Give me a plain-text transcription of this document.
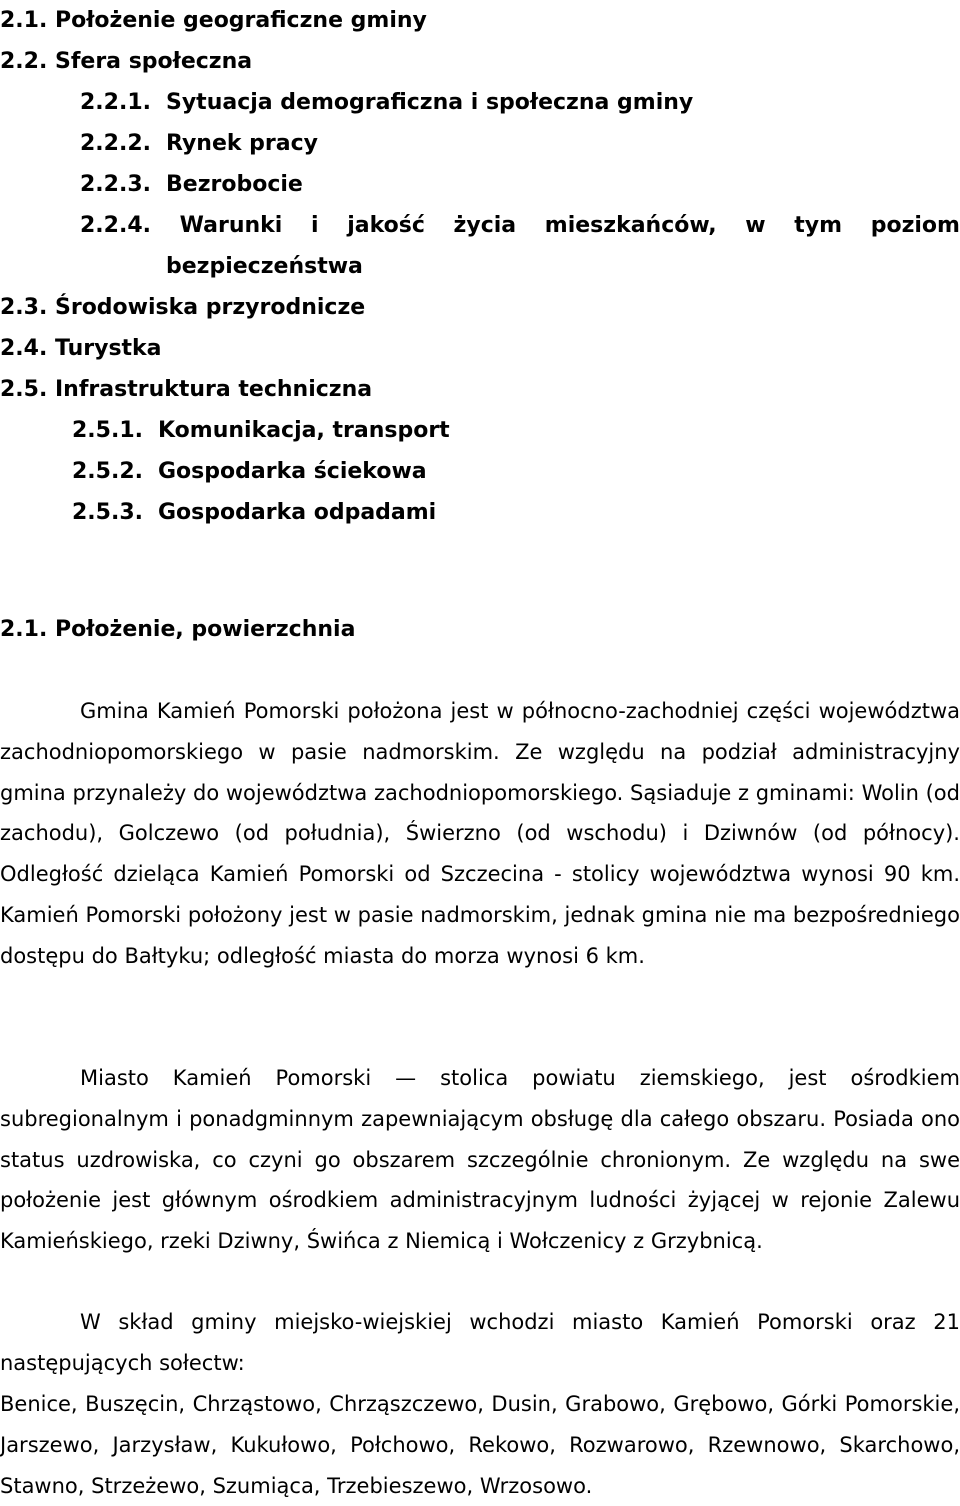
2.1. Położenie geograficzne gminy
2.2. Sfera społeczna
2.2.1. Sytuacja demograficzna i społeczna gminy
2.2.2. Rynek pracy
2.2.3. Bezrobocie
2.2.4. Warunki i jakość życia mieszkańców, w tym poziom
bezpieczeństwa
2.3. Środowiska przyrodnicze
2.4. Turystka
2.5. Infrastruktura techniczna
2.5.1. Komunikacja, transport
2.5.2. Gospodarka ściekowa
2.5.3. Gospodarka odpadami
2.1. Położenie, powierzchnia

Gmina Kamień Pomorski położona jest w północno-zachodniej części województwa zachodniopomorskiego w pasie nadmorskim. Ze względu na podział administracyjny gmina przynależy do województwa zachodniopomorskiego. Sąsiaduje z gminami: Wolin (od zachodu), Golczewo (od południa), Świerzno (od wschodu) i Dziwnów (od północy). Odległość dzieląca Kamień Pomorski od Szczecina - stolicy województwa wynosi 90 km. Kamień Pomorski położony jest w pasie nadmorskim, jednak gmina nie ma bezpośredniego dostępu do Bałtyku; odległość miasta do morza wynosi 6 km.

Miasto Kamień Pomorski — stolica powiatu ziemskiego, jest ośrodkiem subregionalnym i ponadgminnym zapewniającym obsługę dla całego obszaru. Posiada ono status uzdrowiska, co czyni go obszarem szczególnie chronionym. Ze względu na swe położenie jest głównym ośrodkiem administracyjnym ludności żyjącej w rejonie Zalewu Kamieńskiego, rzeki Dziwny, Świńca z Niemicą i Wołczenicy z Grzybnicą.

W skład gminy miejsko-wiejskiej wchodzi miasto Kamień Pomorski oraz 21 następujących sołectw:

Benice, Buszęcin, Chrząstowo, Chrząszczewo, Dusin, Grabowo, Grębowo, Górki Pomorskie, Jarszewo, Jarzysław, Kukułowo, Połchowo, Rekowo, Rozwarowo, Rzewnowo, Skarchowo, Stawno, Strzeżewo, Szumiąca, Trzebieszewo, Wrzosowo.
